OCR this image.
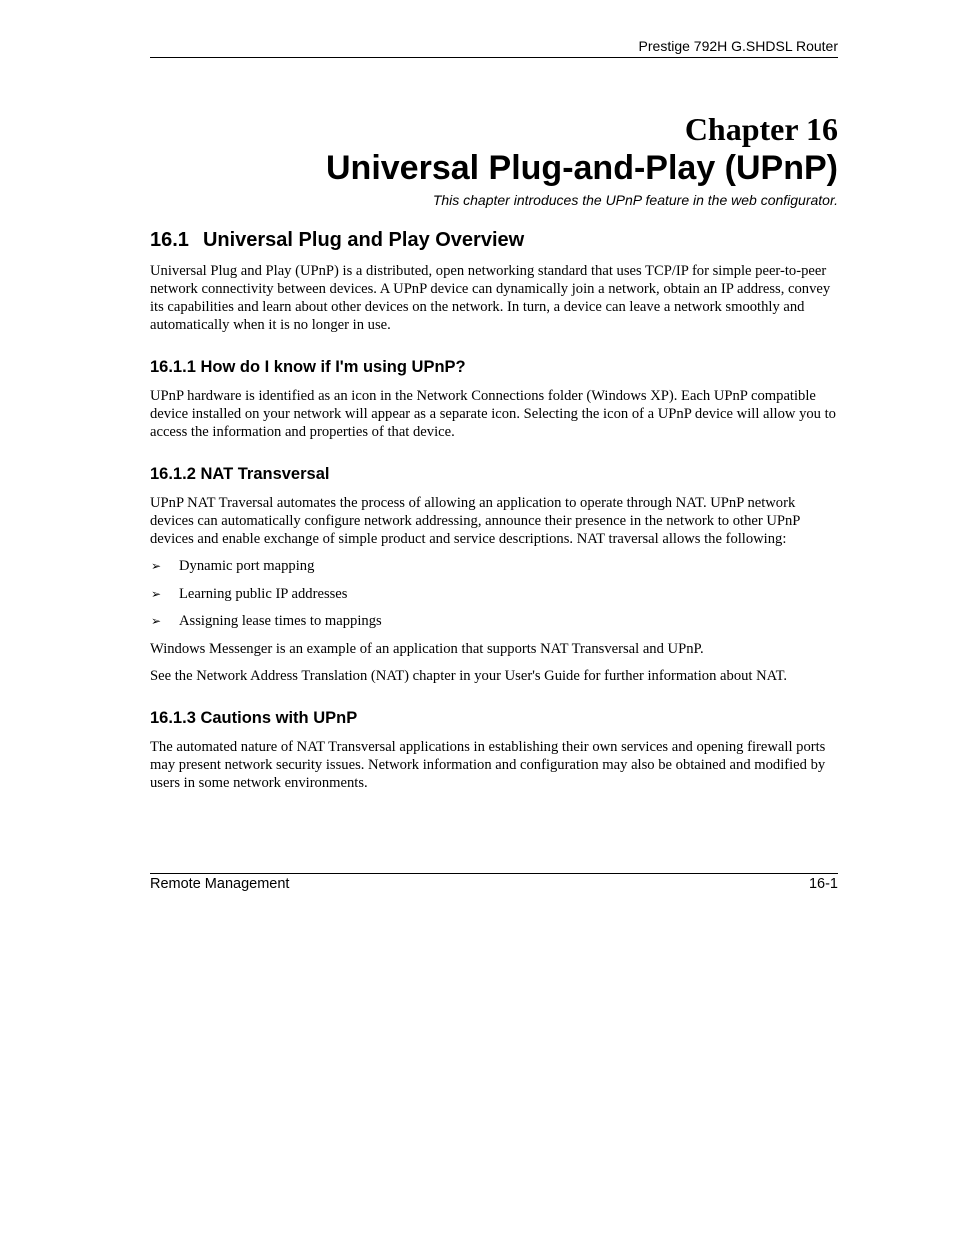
Prestige 792H G.SHDSL Router
Chapter 16
Universal Plug-and-Play (UPnP)

This chapter introduces the UPnP feature in the web configurator.

16.1 Universal Plug and Play Overview

Universal Plug and Play (UPnP) is a distributed, open networking standard that uses TCP/IP for simple peer-to-peer network connectivity between devices. A UPnP device can dynamically join a network, obtain an IP address, convey its capabilities and learn about other devices on the network. In turn, a device can leave a network smoothly and automatically when it is no longer in use.

16.1.1 How do I know if I'm using UPnP?

UPnP hardware is identified as an icon in the Network Connections folder (Windows XP). Each UPnP compatible device installed on your network will appear as a separate icon. Selecting the icon of a UPnP device will allow you to access the information and properties of that device.

16.1.2 NAT Transversal

UPnP NAT Traversal automates the process of allowing an application to operate through NAT. UPnP network devices can automatically configure network addressing, announce their presence in the network to other UPnP devices and enable exchange of simple product and service descriptions. NAT traversal allows the following:

➢ Dynamic port mapping
➢ Learning public IP addresses
➢ Assigning lease times to mappings

Windows Messenger is an example of an application that supports NAT Transversal and UPnP.

See the Network Address Translation (NAT) chapter in your User's Guide for further information about NAT.

16.1.3 Cautions with UPnP

The automated nature of NAT Transversal applications in establishing their own services and opening firewall ports may present network security issues. Network information and configuration may also be obtained and modified by users in some network environments.

Remote Management	16-1
